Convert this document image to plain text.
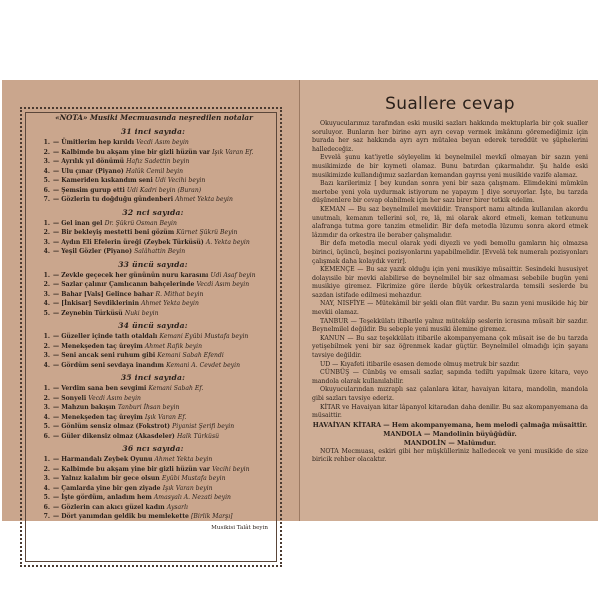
«NOTA» Musiki Mecmuasında neşredilen notalar
31 inci sayıda:
1. — Ümitlerim hep kırıldı Vecdi Asım beyin
2. — Kalbimde bu akşam yine bir gizli hüzün var Işık Varan Ef.
3. — Ayrılık yıl dönümü Hafız Sadettin beyin
4. — Ulu çınar (Piyano) Halûk Cemil beyin
5. — Kameriden kıskandım seni Udi Vecihi beyin
6. — Şemsim gurup etti Udi Kadri beyin (Buran)
7. — Gözlerin tu doğduğu gündenberi Ahmet Yekta beyin
32 nci sayıda:
1. — Gel inan gel Dr. Şükrü Osman Beyin
2. — Bir bekleyiş mestetti beni gözüm Kürnet Şükrü Beyin
3. — Aydın Eli Efelerin üreği (Zeybek Türküsü) A. Yekta beyin
4. — Yeşil Gözler (Piyano) Salâhattin Beyin
33 üncü sayıda:
1. — Zevkle geçecek her gününün nuru karasını Udi Asaf beyin
2. — Sazlar çalınır Çamlıcanın bahçelerinde Vecdi Asım beyin
3. — Bahar [Vals] Gelince bahar R. Mithat beyin
4. — [İnkisar] Sevdiklerinin Ahmet Yekta beyin
5. — Zeynebin Türküsü Nuki beyin
34 üncü sayıda:
1. — Güzeller içinde tatlı otaldalı Kemani Eyübi Mustafa beyin
2. — Menekşeden taç ûreyim Ahmet Rafık beyin
3. — Seni ancak seni ruhum gibi Kemani Sabah Efendi
4. — Gördüm seni sevdaya inandım Kemani A. Cevdet beyin
35 inci sayıda:
1. — Verdim sana ben sevgimi Kemani Sabah Ef.
2. — Sonyeli Vecdi Asım beyin
3. — Mahzun bakışın Tanburi İhsan beyin
4. — Menekşeden taç ûreyim Işık Varan Ef.
5. — Gönlüm sensiz olmaz (Fokstrot) Piyanist Şerifi beyin
6. — Güler dikensiz olmaz (Akasdeler) Halk Türküsü
36 ncı sayıda:
1. — Harmandalı Zeybek Oyunu Ahmet Yekta beyin
2. — Kalbimde bu akşam yine bir gizli hüzün var Vecihi beyin
3. — Yalnız kalalım bir gece olsun Eyübi Mustafa beyin
4. — Çamlarda yine bir gen ziyade Işık Varan beyin
5. — İşte gördüm, anladım hem Amasyalı A. Nezati beyin
6. — Gözlerin can akıcı güzel kadın Aysarlı
7. — Dört yanımdan geldik bu memlekette [Birlik Marşı]
Musikisi Talât beyin
Suallere cevap

Okuyucularımız tarafından eski musiki sazları hakkında mektuplarla bir çok sualler soruluyor. Bunların her birine ayrı ayrı cevap vermek imkânını göremediğimiz için burada her saz hakkında ayrı ayrı mütalea beyan ederek tereddüt ve şüphelerini halledeceğiz.

Evvelâ şunu kat'iyetle söyleyelim ki beynelmilel mevkiî olmayan bir sazın yeni musikimizde de bir kıymeti olamaz. Bunu batırdan çıkarmalıdır. Şu halde eski musikimizde kullandığımız sazlardan kemandan gayrısı yeni musikide vazife alamaz.

Bazı karilerimiz [ bey kundan sonra yeni bir saza çalışmam. Elimdekini mümkün mertebe yeni yola uydurmak istiyorum ne yapayım ] diye soruyorlar. İşte, bu tarzda düşünenlere bir cevap olabilmek için her sazı birer birer tetkik edelim.

KEMAN — Bu saz beynelmilel mevkiidir. Transport namı altında kullanılan akordu unutmalı, kemanın tellerini sol, re, lâ, mi olarak akord etmeli, keman tetkununu alafranga tutma gore tanzim etmelidir. Bir defa metodla lüzumu sonra akord etmek lâzımdır da orkestra ile beraber çalışmalıdır.

Bir defa metodla mecul olarak yedi diyezli ve yedi bemollu gamların hiç olmazsa birinci, üçüncü, beşinci pozisyonlarını yapabilmelidir. [Evvelâ tek numeralı pozisyonları çalışmak daha kolaydık verir].

KEMENÇE — Bu saz yazık olduğu için yeni musikiye müsaittir. Sesindeki hususiyet dolayısile bir mevki alabilirse de beynelmilel bir saz olmaması sebebile bugün yeni musikiye giremez. Fikrimize göre ilerde büyük orkestralarda temsili seslerde bu sazdan istifade edilmesi mehazdur.

NAY, NISFİYE — Mütekâmil bir şekli olan flüt vardır. Bu sazın yeni musikide hiç bir mevkii olamaz.

TANBUR — Teşekkülatı itibarile yalnız mütekâip seslerin icrasına müsait bir sazdır. Beynelmilel değildir. Bu sebeple yeni musiki âlemine giremez.

KANUN — Bu saz teşekkülatı itibarile akompanyemana çok müsait ise de bu tarzda yetişebilmek yeni bir saz öğrenmek kadar güçtür. Beynelmilel olmadığı için şayanı tavsiye değildir.

UD — Kıyafeti itibarile esasen demode olmuş metruk bir sazdır.

CÜNBÜŞ — Cünbüş ve emsali sazlar, sapında tediltı yapılmak üzere kitara, veyo mandola olarak kullanılabilir.

Okuyucularından mızraplı saz çalanlara kitar, havaiyan kitara, mandolin, mandola gibi sazları tavsiye ederiz.

KİTAR ve Havaiyan kitar lâpanyol kitaradan daha denilir. Bu saz akompanyemana da müsaittir.

HAVAİYAN KİTARA — Hem akompanyemana, hem melodi çalmağa müsaittir.

MANDOLA — Mandolinin büyüğüdür.

MANDOLİN — Malûmdur.

NOTA Mecmuası, eskiri gibi her müşkülleriniz halledecek ve yeni musikide de size biricik rehber olacaktır.
